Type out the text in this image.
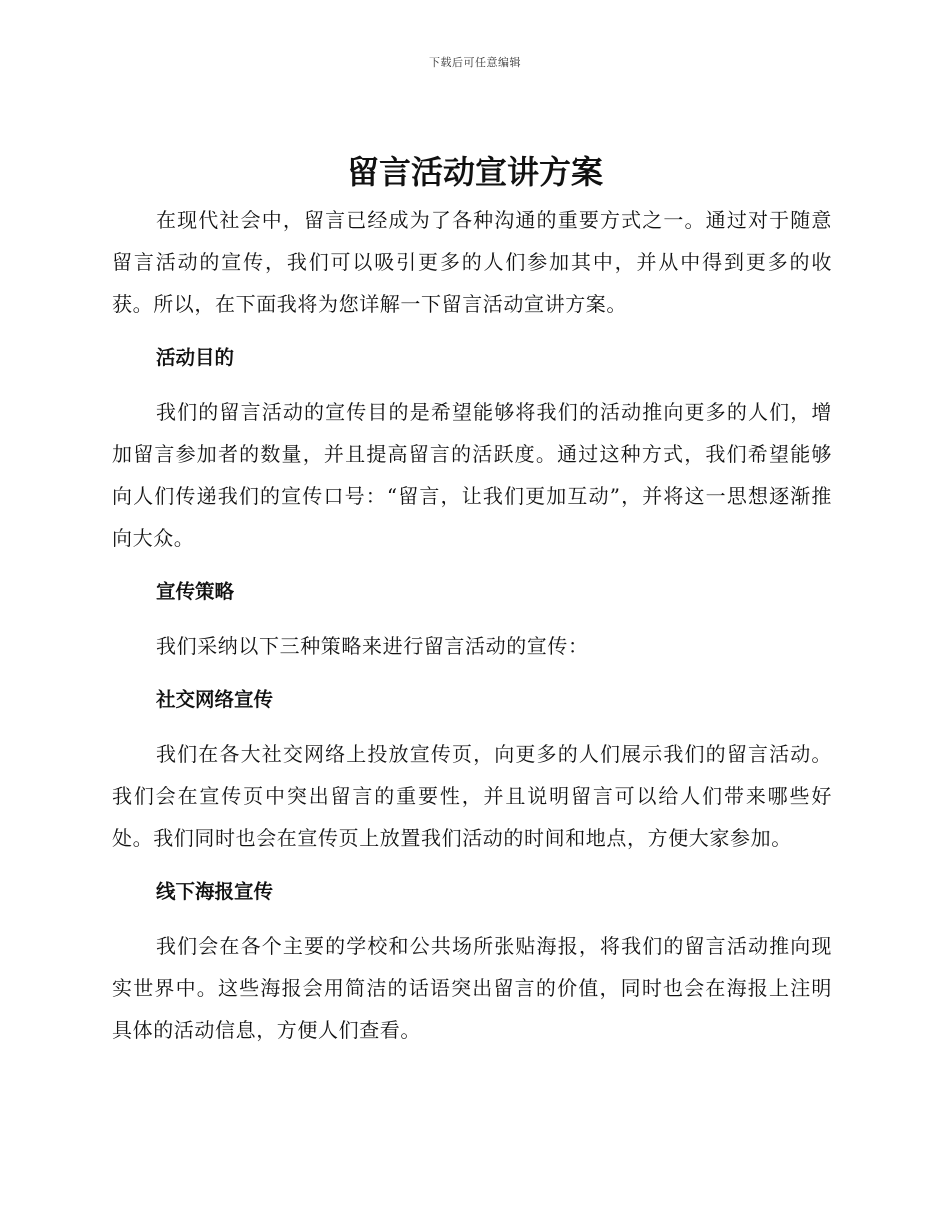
下载后可任意编辑
留言活动宣讲方案

在现代社会中，留言已经成为了各种沟通的重要方式之一。通过对于随意留言活动的宣传，我们可以吸引更多的人们参加其中，并从中得到更多的收获。所以，在下面我将为您详解一下留言活动宣讲方案。

活动目的

我们的留言活动的宣传目的是希望能够将我们的活动推向更多的人们，增加留言参加者的数量，并且提高留言的活跃度。通过这种方式，我们希望能够向人们传递我们的宣传口号：“留言，让我们更加互动”，并将这一思想逐渐推向大众。

宣传策略

我们采纳以下三种策略来进行留言活动的宣传：

社交网络宣传

我们在各大社交网络上投放宣传页，向更多的人们展示我们的留言活动。我们会在宣传页中突出留言的重要性，并且说明留言可以给人们带来哪些好处。我们同时也会在宣传页上放置我们活动的时间和地点，方便大家参加。

线下海报宣传

我们会在各个主要的学校和公共场所张贴海报，将我们的留言活动推向现实世界中。这些海报会用简洁的话语突出留言的价值，同时也会在海报上注明具体的活动信息，方便人们查看。
